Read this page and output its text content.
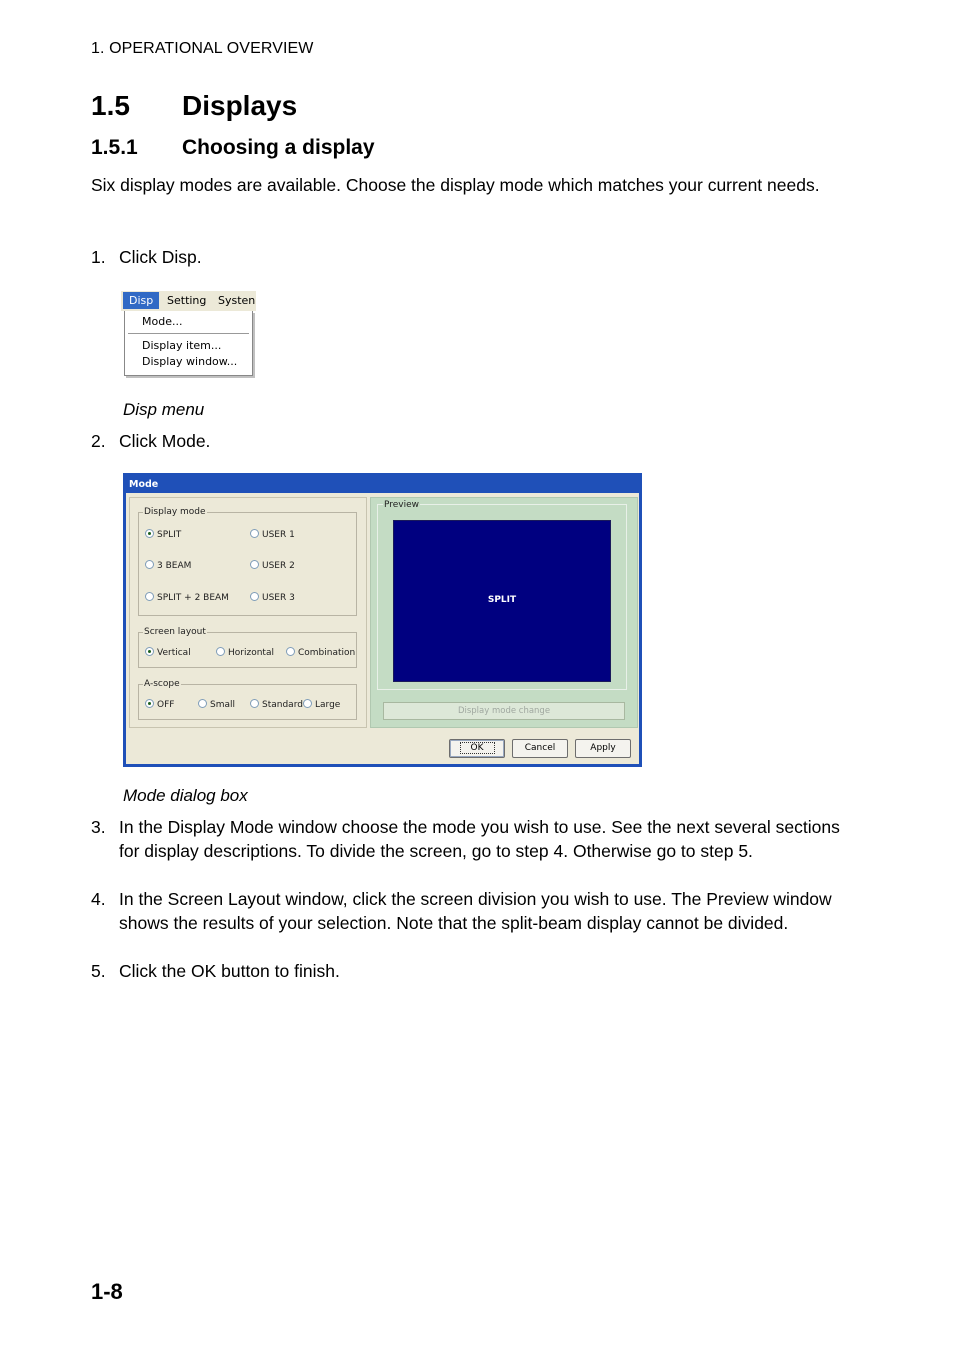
1. OPERATIONAL OVERVIEW
1.5 Displays
1.5.1 Choosing a display
Six display modes are available. Choose the display mode which matches your current needs.
1. Click Disp.
Disp	Setting Systen
Mode...
Display item...
Display window...
Disp menu
2. Click Mode.
Mode
Display mode
SPLIT	USER 1
3 BEAM	USER 2
SPLIT + 2 BEAM	USER 3
Screen layout
Vertical	Horizontal	Combination
A-scope
OFF	Small	Standard	Large
Preview
SPLIT
Display mode change
OK	Cancel	Apply
Mode dialog box
3. In the Display Mode window choose the mode you wish to use. See the next several sections for display descriptions. To divide the screen, go to step 4. Otherwise go to step 5.
4. In the Screen Layout window, click the screen division you wish to use. The Preview window shows the results of your selection. Note that the split-beam display cannot be divided.
5. Click the OK button to finish.
1-8
